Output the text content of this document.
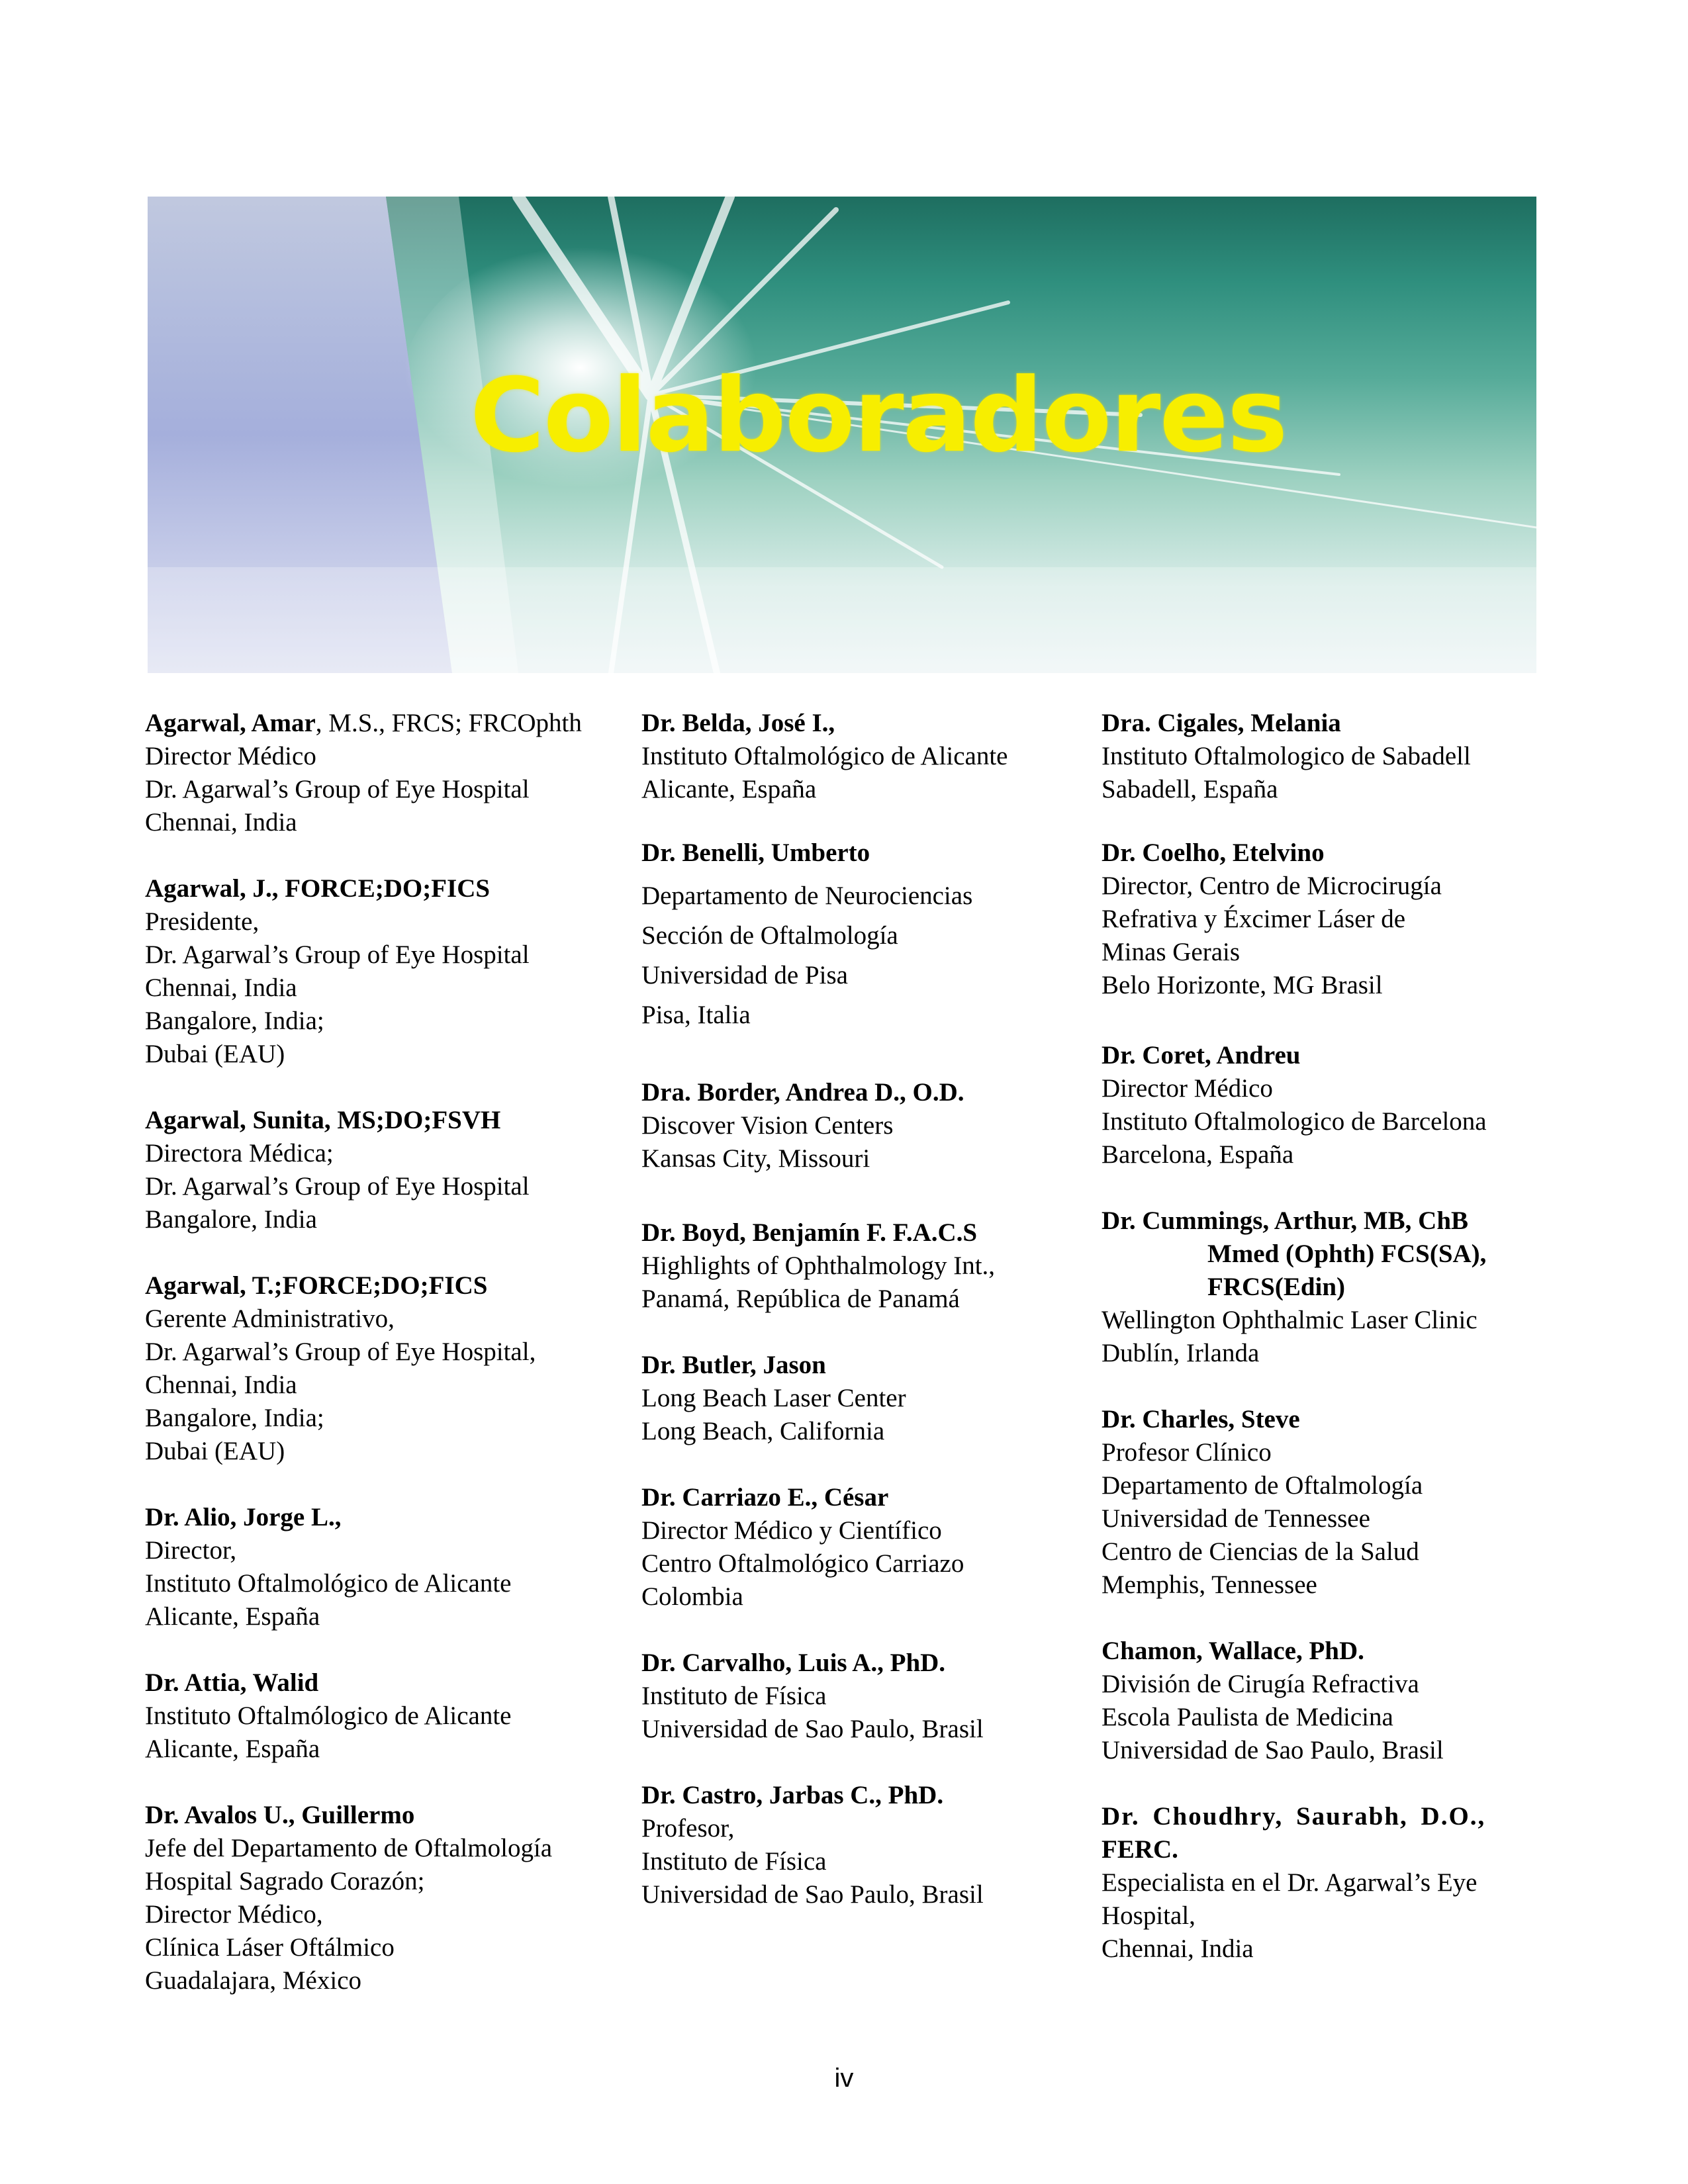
Colaboradores
Agarwal, Amar, M.S., FRCS; FRCOphth
Director Médico
Dr. Agarwal’s Group of Eye Hospital
Chennai, India
Agarwal, J., FORCE;DO;FICS
Presidente,
Dr. Agarwal’s Group of Eye Hospital
Chennai, India
Bangalore, India;
Dubai (EAU)
Agarwal, Sunita, MS;DO;FSVH
Directora Médica;
Dr. Agarwal’s Group of Eye Hospital
Bangalore, India
Agarwal, T.;FORCE;DO;FICS
Gerente Administrativo,
Dr. Agarwal’s Group of Eye Hospital,
Chennai, India
Bangalore, India;
Dubai (EAU)
Dr. Alio, Jorge L.,
Director,
Instituto Oftalmológico de Alicante
Alicante, España
Dr. Attia, Walid
Instituto Oftalmólogico de Alicante
Alicante, España
Dr. Avalos U., Guillermo
Jefe del Departamento de Oftalmología
Hospital Sagrado Corazón;
Director Médico,
Clínica Láser Oftálmico
Guadalajara, México
Dr. Belda, José I.,
Instituto Oftalmológico de Alicante
Alicante, España
Dr. Benelli, Umberto
Departamento de Neurociencias
Sección de Oftalmología
Universidad de Pisa
Pisa, Italia
Dra. Border, Andrea D., O.D.
Discover Vision Centers
Kansas City, Missouri
Dr. Boyd, Benjamín F. F.A.C.S
Highlights of Ophthalmology Int.,
Panamá, República de Panamá
Dr. Butler, Jason
Long Beach Laser Center
Long Beach, California
Dr. Carriazo E., César
Director Médico y Científico
Centro Oftalmológico Carriazo
Colombia
Dr. Carvalho, Luis A., PhD.
Instituto de Física
Universidad de Sao Paulo, Brasil
Dr. Castro, Jarbas C., PhD.
Profesor,
Instituto de Física
Universidad de Sao Paulo, Brasil
Dra. Cigales, Melania
Instituto Oftalmologico de Sabadell
Sabadell, España
Dr. Coelho, Etelvino
Director, Centro de Microcirugía
Refrativa y Éxcimer Láser de
Minas Gerais
Belo Horizonte, MG Brasil
Dr. Coret, Andreu
Director Médico
Instituto Oftalmologico de Barcelona
Barcelona, España
Dr. Cummings, Arthur, MB, ChB
Mmed (Ophth) FCS(SA),
FRCS(Edin)
Wellington Ophthalmic Laser Clinic
Dublín, Irlanda
Dr. Charles, Steve
Profesor Clínico
Departamento de Oftalmología
Universidad de Tennessee
Centro de Ciencias de la Salud
Memphis, Tennessee
Chamon, Wallace, PhD.
División de Cirugía Refractiva
Escola Paulista de Medicina
Universidad de Sao Paulo, Brasil
Dr. Choudhry, Saurabh, D.O.,
FERC.
Especialista en el Dr. Agarwal’s Eye
Hospital,
Chennai, India
iv
